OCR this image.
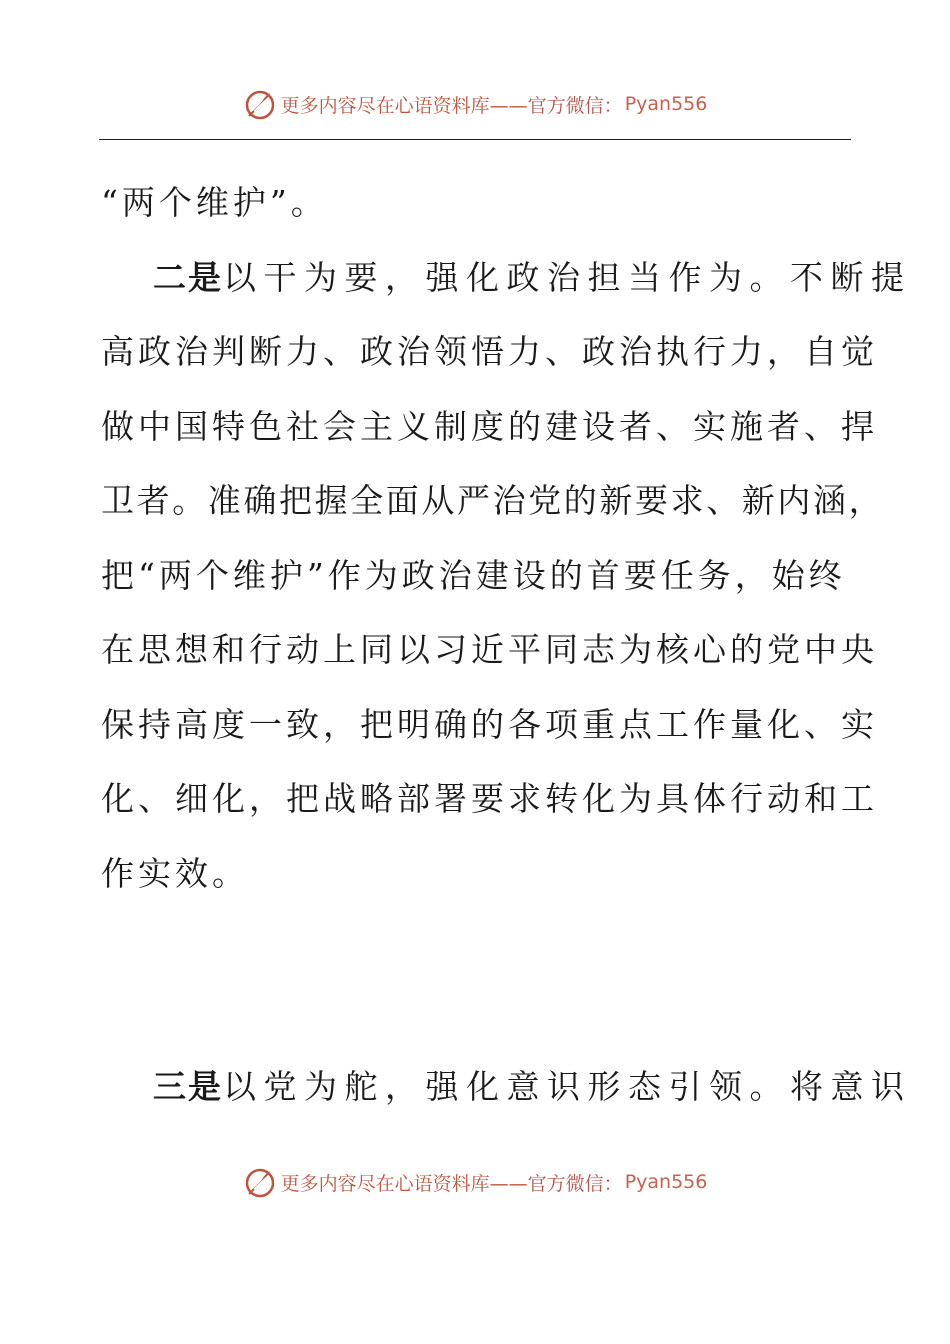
更多内容尽在心语资料库—— 官方微信： Pyan556

“两个维护”。

二是以干为要，强化政治担当作为。不断提

高政治判断力、政治领悟力、政治执行力，自觉

做中国特色社会主义制度的建设者、实施者、捍

卫者。准确把握全面从严治党的新要求、新内涵，

把“两个维护”作为政治建设的首要任务，始终

在思想和行动上同以习近平同志为核心的党中央

保持高度一致，把明确的各项重点工作量化、实

化、细化，把战略部署要求转化为具体行动和工

作实效。

三是以党为舵，强化意识形态引领。将意识

更多内容尽在心语资料库—— 官方微信： Pyan556
